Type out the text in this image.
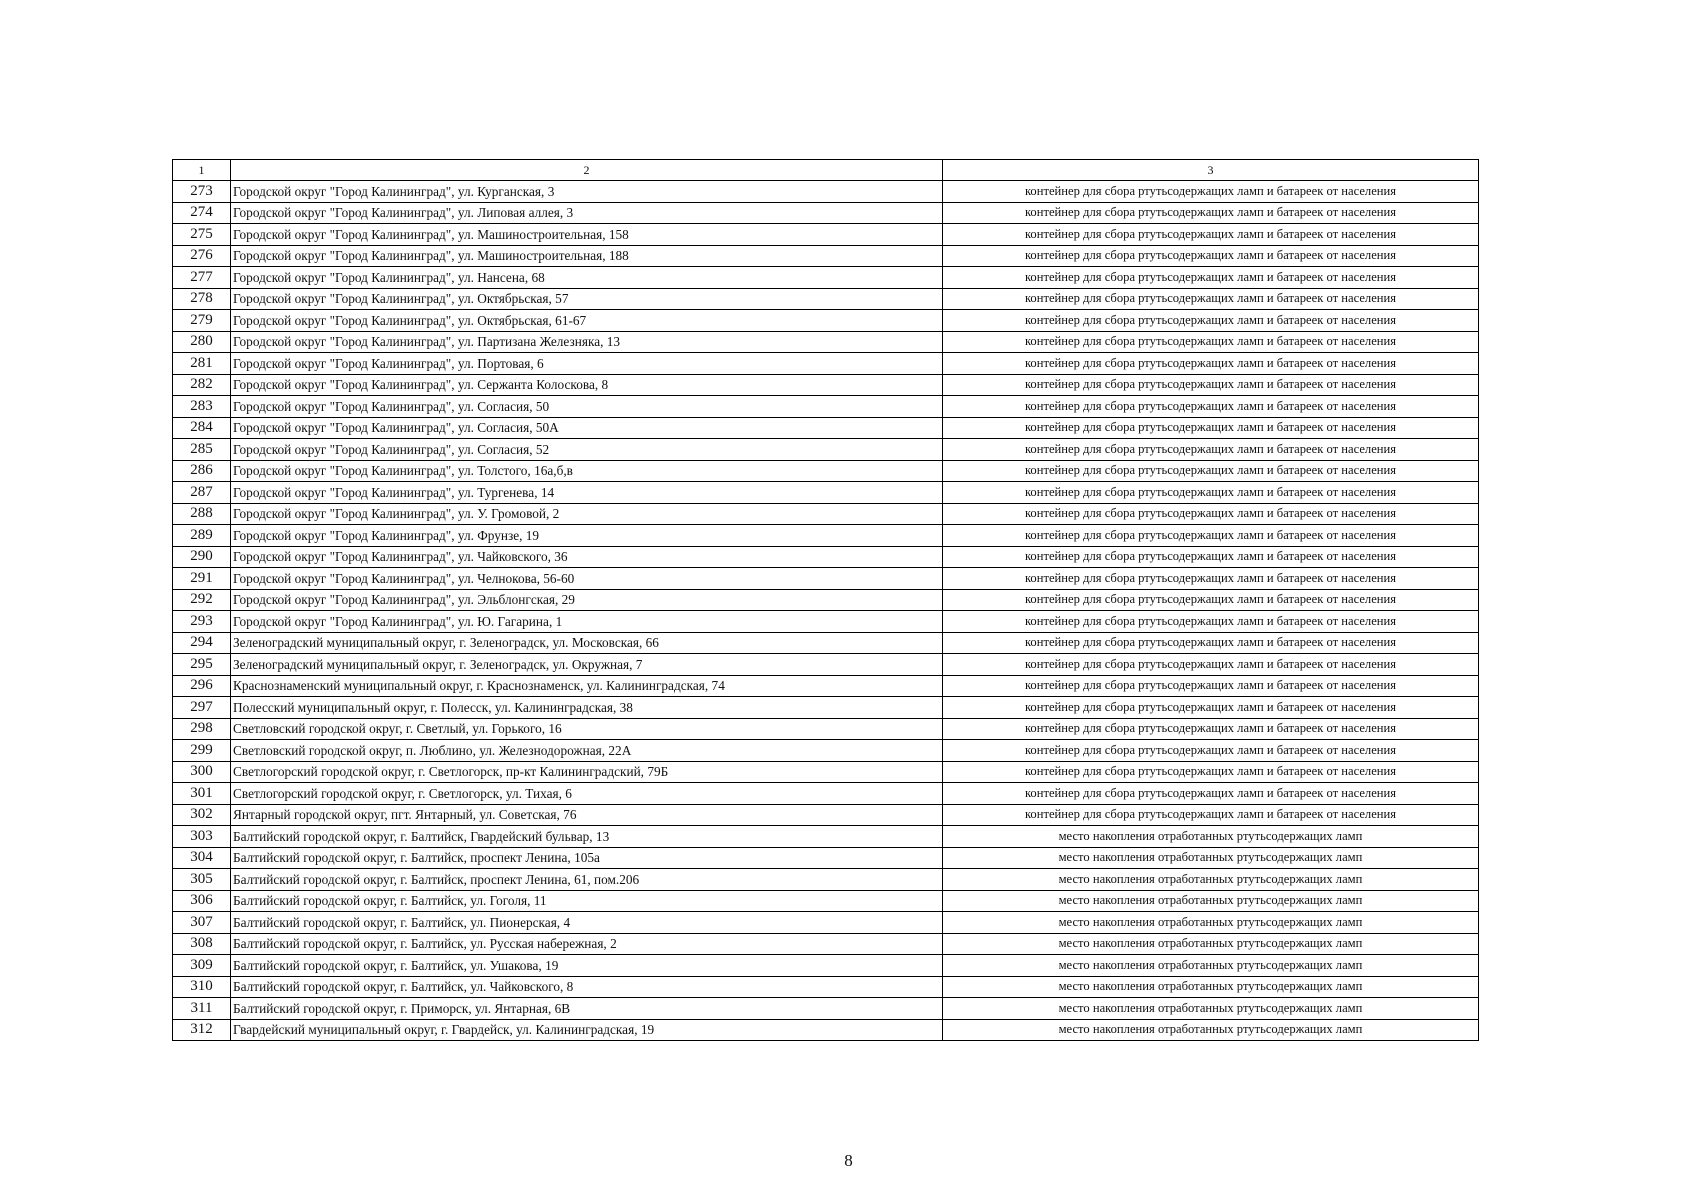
1	2	3
273	Городской округ "Город Калининград", ул. Курганская, 3	контейнер для сбора ртутьсодержащих ламп и батареек от населения
274	Городской округ "Город Калининград", ул. Липовая аллея, 3	контейнер для сбора ртутьсодержащих ламп и батареек от населения
275	Городской округ "Город Калининград", ул. Машиностроительная, 158	контейнер для сбора ртутьсодержащих ламп и батареек от населения
276	Городской округ "Город Калининград", ул. Машиностроительная, 188	контейнер для сбора ртутьсодержащих ламп и батареек от населения
277	Городской округ "Город Калининград", ул. Нансена, 68	контейнер для сбора ртутьсодержащих ламп и батареек от населения
278	Городской округ "Город Калининград", ул. Октябрьская, 57	контейнер для сбора ртутьсодержащих ламп и батареек от населения
279	Городской округ "Город Калининград", ул. Октябрьская, 61-67	контейнер для сбора ртутьсодержащих ламп и батареек от населения
280	Городской округ "Город Калининград", ул. Партизана Железняка, 13	контейнер для сбора ртутьсодержащих ламп и батареек от населения
281	Городской округ "Город Калининград", ул. Портовая, 6	контейнер для сбора ртутьсодержащих ламп и батареек от населения
282	Городской округ "Город Калининград", ул. Сержанта Колоскова, 8	контейнер для сбора ртутьсодержащих ламп и батареек от населения
283	Городской округ "Город Калининград", ул. Согласия, 50	контейнер для сбора ртутьсодержащих ламп и батареек от населения
284	Городской округ "Город Калининград", ул. Согласия, 50А	контейнер для сбора ртутьсодержащих ламп и батареек от населения
285	Городской округ "Город Калининград", ул. Согласия, 52	контейнер для сбора ртутьсодержащих ламп и батареек от населения
286	Городской округ "Город Калининград", ул. Толстого, 16а,б,в	контейнер для сбора ртутьсодержащих ламп и батареек от населения
287	Городской округ "Город Калининград", ул. Тургенева, 14	контейнер для сбора ртутьсодержащих ламп и батареек от населения
288	Городской округ "Город Калининград", ул. У. Громовой, 2	контейнер для сбора ртутьсодержащих ламп и батареек от населения
289	Городской округ "Город Калининград", ул. Фрунзе, 19	контейнер для сбора ртутьсодержащих ламп и батареек от населения
290	Городской округ "Город Калининград", ул. Чайковского, 36	контейнер для сбора ртутьсодержащих ламп и батареек от населения
291	Городской округ "Город Калининград", ул. Челнокова, 56-60	контейнер для сбора ртутьсодержащих ламп и батареек от населения
292	Городской округ "Город Калининград", ул. Эльблонгская, 29	контейнер для сбора ртутьсодержащих ламп и батареек от населения
293	Городской округ "Город Калининград", ул. Ю. Гагарина, 1	контейнер для сбора ртутьсодержащих ламп и батареек от населения
294	Зеленоградский муниципальный округ, г. Зеленоградск, ул. Московская, 66	контейнер для сбора ртутьсодержащих ламп и батареек от населения
295	Зеленоградский муниципальный округ, г. Зеленоградск, ул. Окружная, 7	контейнер для сбора ртутьсодержащих ламп и батареек от населения
296	Краснознаменский муниципальный округ, г. Краснознаменск, ул. Калининградская, 74	контейнер для сбора ртутьсодержащих ламп и батареек от населения
297	Полесский муниципальный округ, г. Полесск, ул. Калининградская, 38	контейнер для сбора ртутьсодержащих ламп и батареек от населения
298	Светловский городской округ, г. Светлый, ул. Горького, 16	контейнер для сбора ртутьсодержащих ламп и батареек от населения
299	Светловский городской округ, п. Люблино, ул. Железнодорожная, 22А	контейнер для сбора ртутьсодержащих ламп и батареек от населения
300	Светлогорский городской округ, г. Светлогорск, пр-кт Калининградский, 79Б	контейнер для сбора ртутьсодержащих ламп и батареек от населения
301	Светлогорский городской округ, г. Светлогорск, ул. Тихая, 6	контейнер для сбора ртутьсодержащих ламп и батареек от населения
302	Янтарный городской округ, пгт. Янтарный, ул. Советская, 76	контейнер для сбора ртутьсодержащих ламп и батареек от населения
303	Балтийский городской округ, г. Балтийск, Гвардейский бульвар, 13	место накопления отработанных ртутьсодержащих ламп
304	Балтийский городской округ, г. Балтийск, проспект Ленина, 105а	место накопления отработанных ртутьсодержащих ламп
305	Балтийский городской округ, г. Балтийск, проспект Ленина, 61, пом.206	место накопления отработанных ртутьсодержащих ламп
306	Балтийский городской округ, г. Балтийск, ул. Гоголя, 11	место накопления отработанных ртутьсодержащих ламп
307	Балтийский городской округ, г. Балтийск, ул. Пионерская, 4	место накопления отработанных ртутьсодержащих ламп
308	Балтийский городской округ, г. Балтийск, ул. Русская набережная, 2	место накопления отработанных ртутьсодержащих ламп
309	Балтийский городской округ, г. Балтийск, ул. Ушакова, 19	место накопления отработанных ртутьсодержащих ламп
310	Балтийский городской округ, г. Балтийск, ул. Чайковского, 8	место накопления отработанных ртутьсодержащих ламп
311	Балтийский городской округ, г. Приморск, ул. Янтарная, 6В	место накопления отработанных ртутьсодержащих ламп
312	Гвардейский муниципальный округ, г. Гвардейск, ул. Калининградская, 19	место накопления отработанных ртутьсодержащих ламп
8
